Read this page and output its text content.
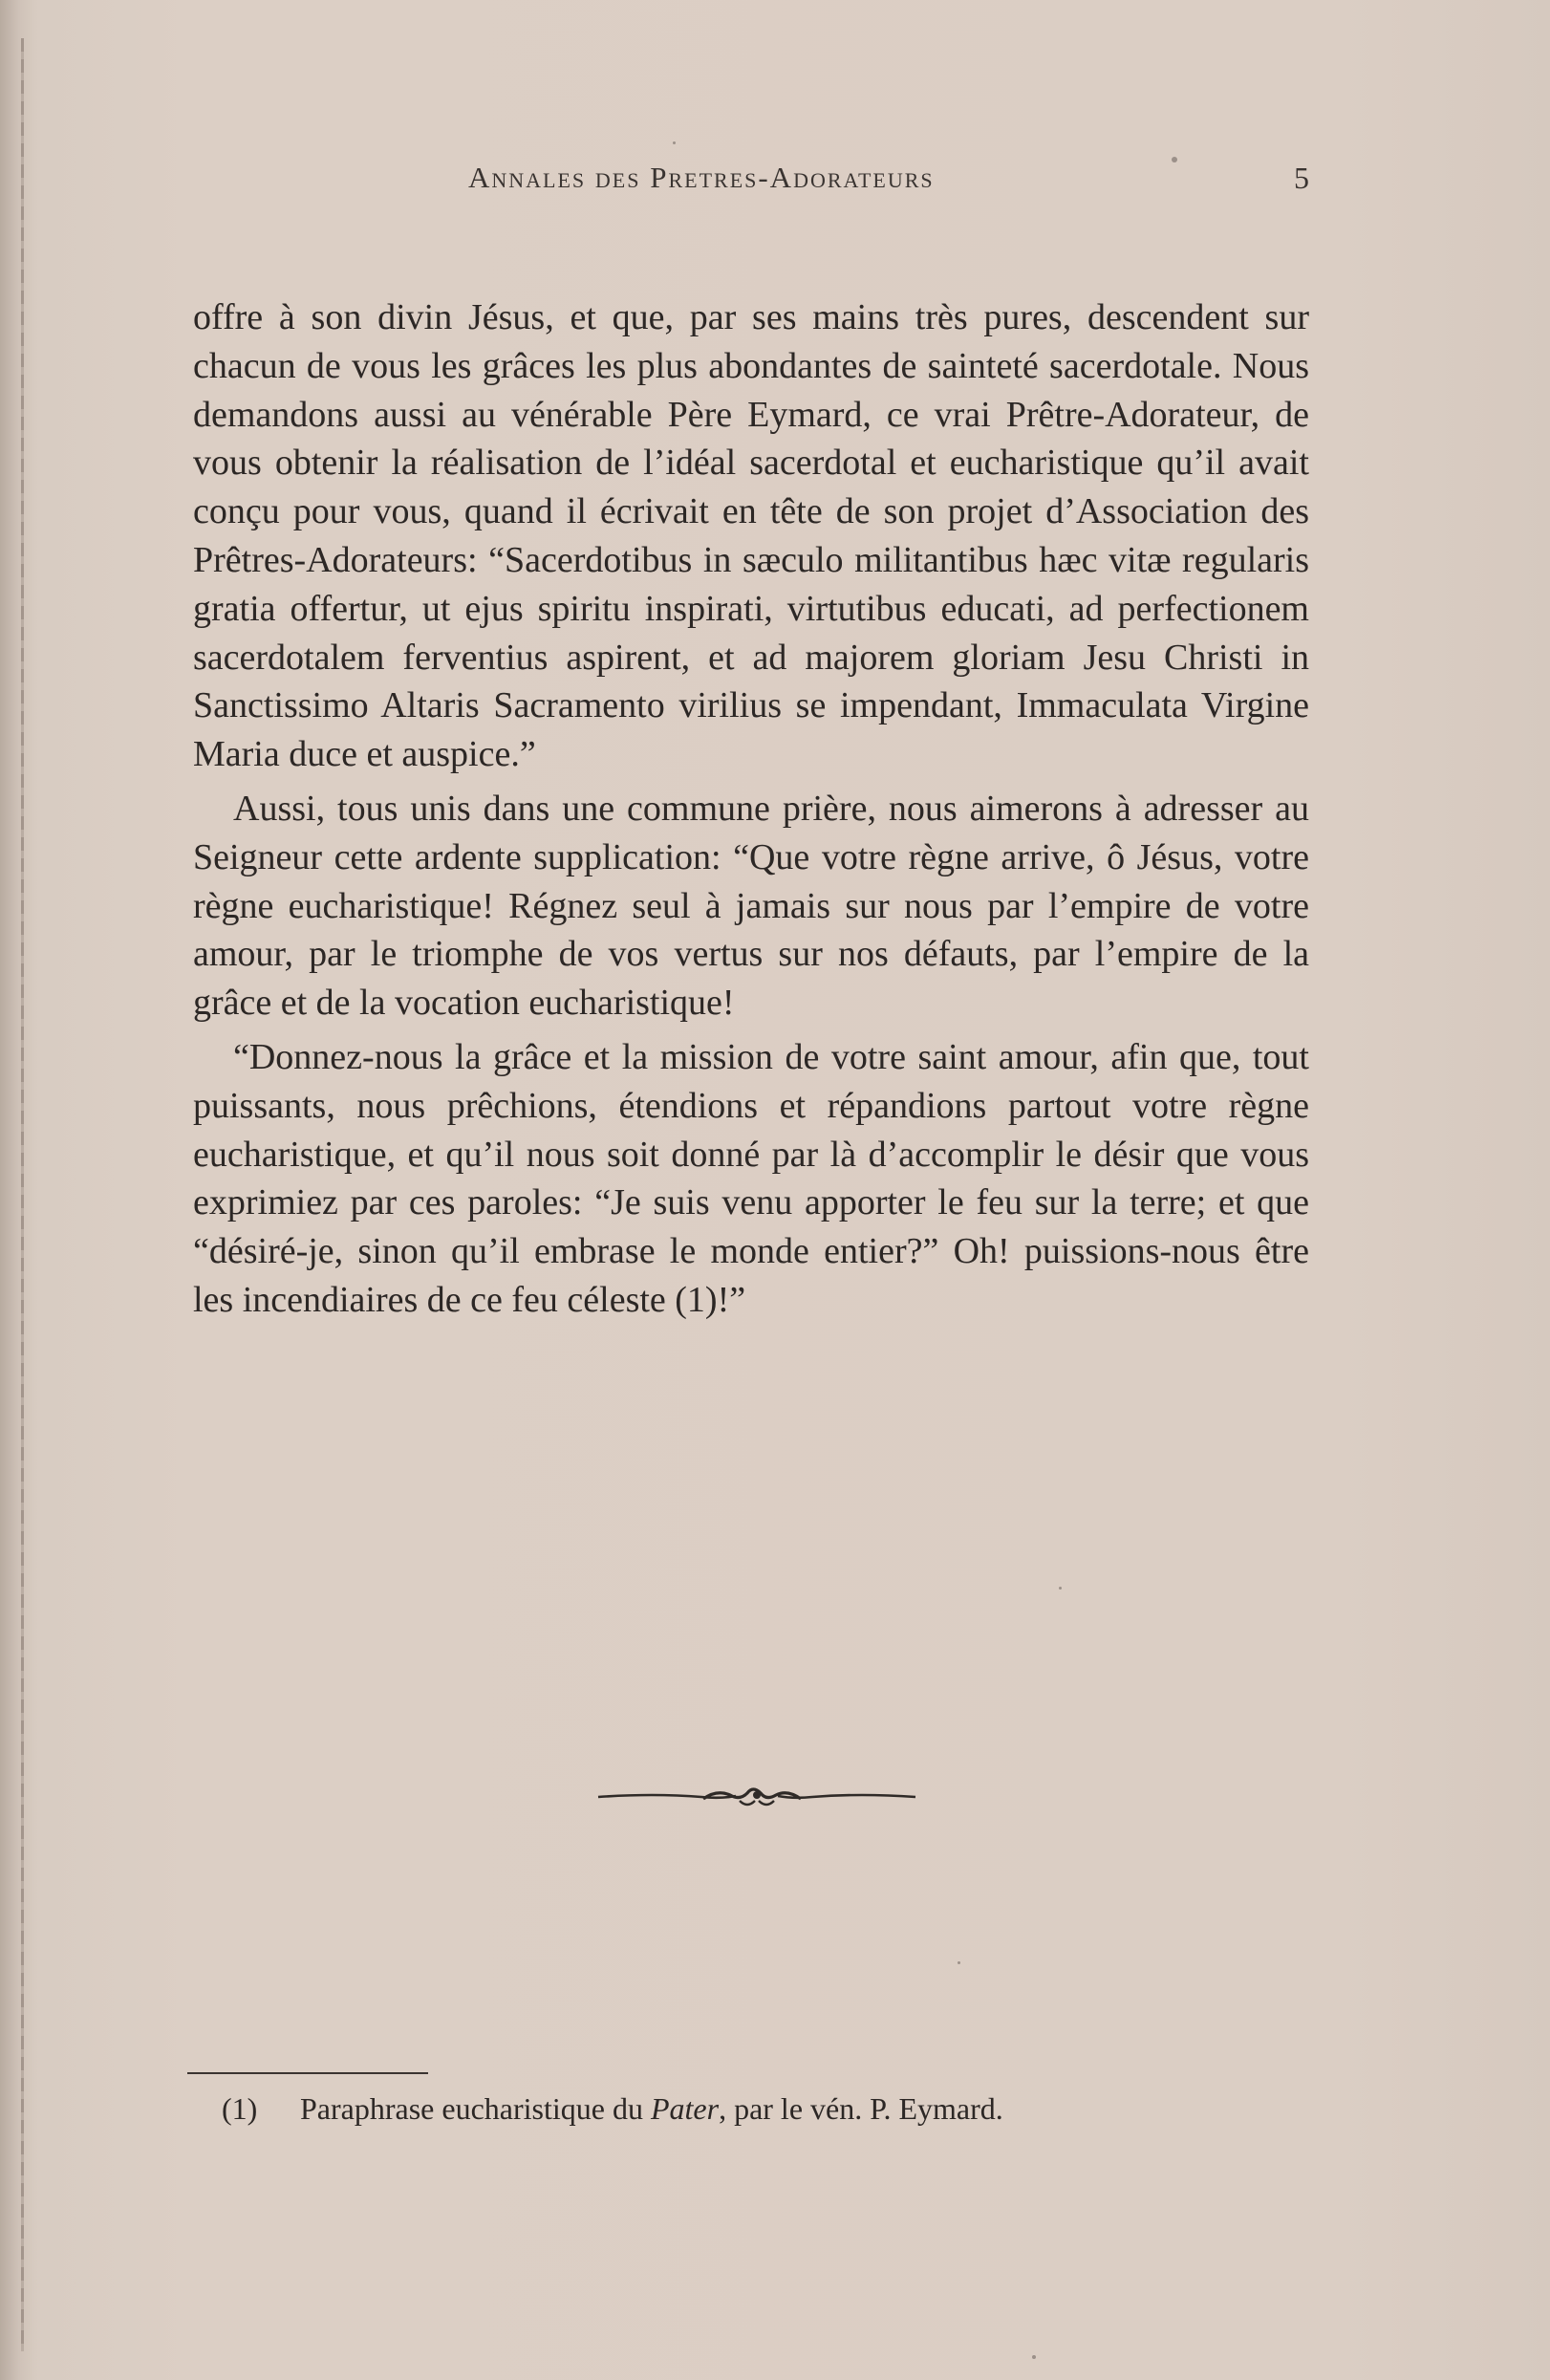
Annales des Pretres-Adorateurs	5

offre à son divin Jésus, et que, par ses mains très pures, descendent sur chacun de vous les grâces les plus abondantes de sainteté sacerdotale. Nous demandons aussi au vénérable Père Eymard, ce vrai Prêtre-Adorateur, de vous obtenir la réalisation de l’idéal sacerdotal et eucharistique qu’il avait conçu pour vous, quand il écrivait en tête de son projet d’Association des Prêtres-Adorateurs: “Sacerdotibus in sæculo militantibus hæc vitæ regularis gratia offertur, ut ejus spiritu inspirati, virtutibus educati, ad perfectionem sacerdotalem ferventius aspirent, et ad majorem gloriam Jesu Christi in Sanctissimo Altaris Sacramento virilius se impendant, Immaculata Virgine Maria duce et auspice.”

Aussi, tous unis dans une commune prière, nous aimerons à adresser au Seigneur cette ardente supplication: “Que votre règne arrive, ô Jésus, votre règne eucharistique! Régnez seul à jamais sur nous par l’empire de votre amour, par le triomphe de vos vertus sur nos défauts, par l’empire de la grâce et de la vocation eucharistique!

“Donnez-nous la grâce et la mission de votre saint amour, afin que, tout puissants, nous prêchions, étendions et répandions partout votre règne eucharistique, et qu’il nous soit donné par là d’accomplir le désir que vous exprimiez par ces paroles: “Je suis venu apporter le feu sur la terre; et que “désiré-je, sinon qu’il embrase le monde entier?” Oh! puissions-nous être les incendiaires de ce feu céleste (1)!”

(1) Paraphrase eucharistique du Pater, par le vén. P. Eymard.
